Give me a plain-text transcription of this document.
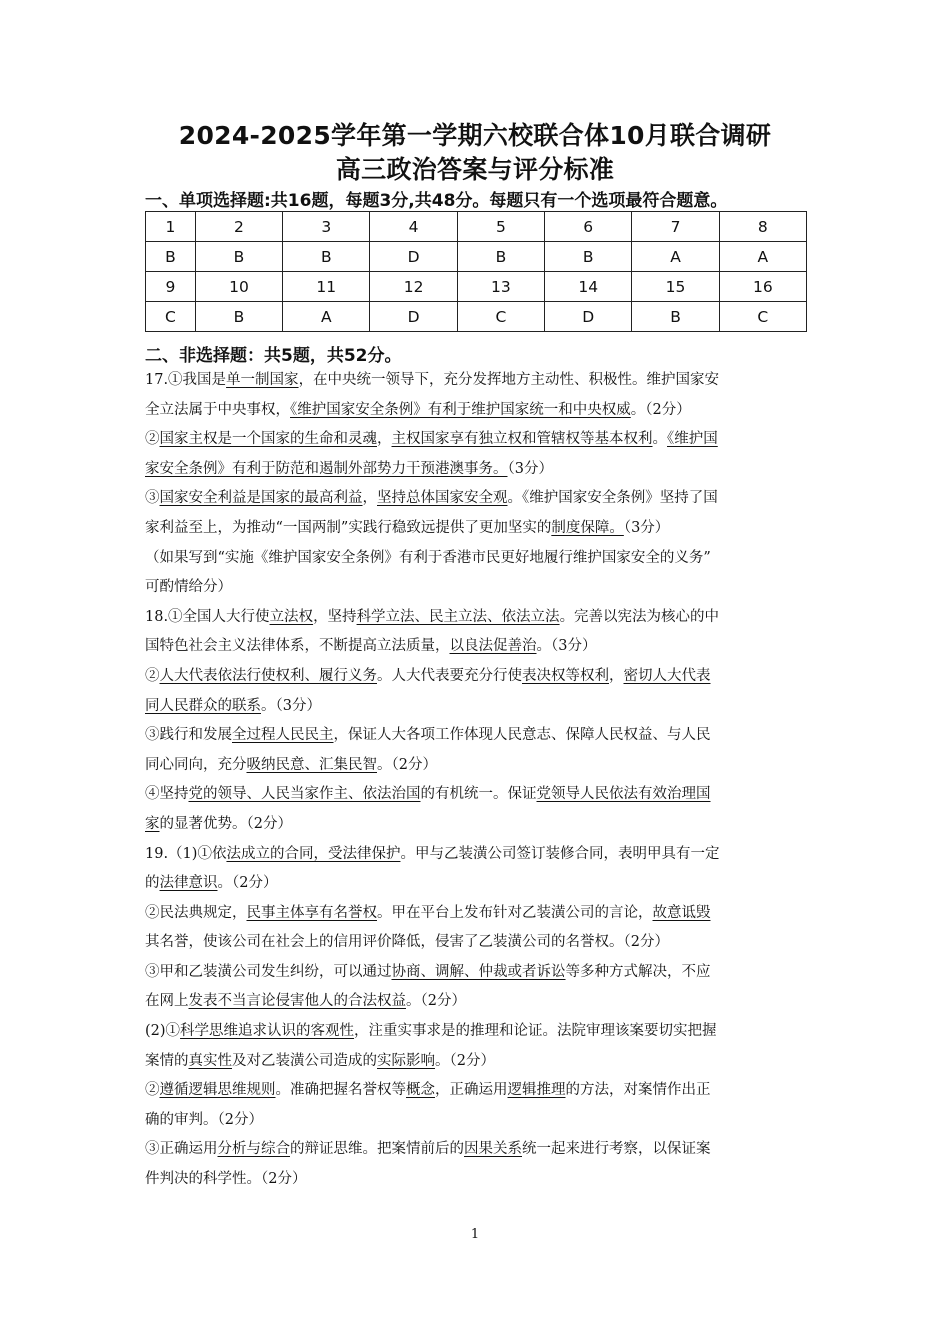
2024-2025学年第一学期六校联合体10月联合调研
高三政治答案与评分标准
一、单项选择题:共16题，每题3分,共48分。每题只有一个选项最符合题意。
1	2	3	4	5	6	7	8
B	B	B	D	B	B	A	A
9	10	11	12	13	14	15	16
C	B	A	D	C	D	B	C
二、非选择题：共5题，共52分。

17.①我国是单一制国家，在中央统一领导下，充分发挥地方主动性、积极性。维护国家安

全立法属于中央事权，《维护国家安全条例》有利于维护国家统一和中央权威。（2分）

②国家主权是一个国家的生命和灵魂，主权国家享有独立权和管辖权等基本权利。《维护国

家安全条例》有利于防范和遏制外部势力干预港澳事务。（3分）

③国家安全利益是国家的最高利益，坚持总体国家安全观。《维护国家安全条例》坚持了国

家利益至上，为推动“一国两制”实践行稳致远提供了更加坚实的制度保障。（3分）

（如果写到“实施《维护国家安全条例》有利于香港市民更好地履行维护国家安全的义务”

可酌情给分）

18.①全国人大行使立法权，坚持科学立法、民主立法、依法立法。完善以宪法为核心的中

国特色社会主义法律体系，不断提高立法质量，以良法促善治。（3分）

②人大代表依法行使权利、履行义务。人大代表要充分行使表决权等权利，密切人大代表

同人民群众的联系。（3分）

③践行和发展全过程人民民主，保证人大各项工作体现人民意志、保障人民权益、与人民

同心同向，充分吸纳民意、汇集民智。（2分）

④坚持党的领导、人民当家作主、依法治国的有机统一。保证党领导人民依法有效治理国

家的显著优势。（2分）

19.（1)①依法成立的合同，受法律保护。甲与乙装潢公司签订装修合同，表明甲具有一定

的法律意识。（2分）

②民法典规定，民事主体享有名誉权。甲在平台上发布针对乙装潢公司的言论，故意诋毁

其名誉，使该公司在社会上的信用评价降低，侵害了乙装潢公司的名誉权。（2分）

③甲和乙装潢公司发生纠纷，可以通过协商、调解、仲裁或者诉讼等多种方式解决，不应

在网上发表不当言论侵害他人的合法权益。（2分）

(2)①科学思维追求认识的客观性，注重实事求是的推理和论证。法院审理该案要切实把握

案情的真实性及对乙装潢公司造成的实际影响。（2分）

②遵循逻辑思维规则。准确把握名誉权等概念，正确运用逻辑推理的方法，对案情作出正

确的审判。（2分）

③正确运用分析与综合的辩证思维。把案情前后的因果关系统一起来进行考察，以保证案

件判决的科学性。（2分）

1
